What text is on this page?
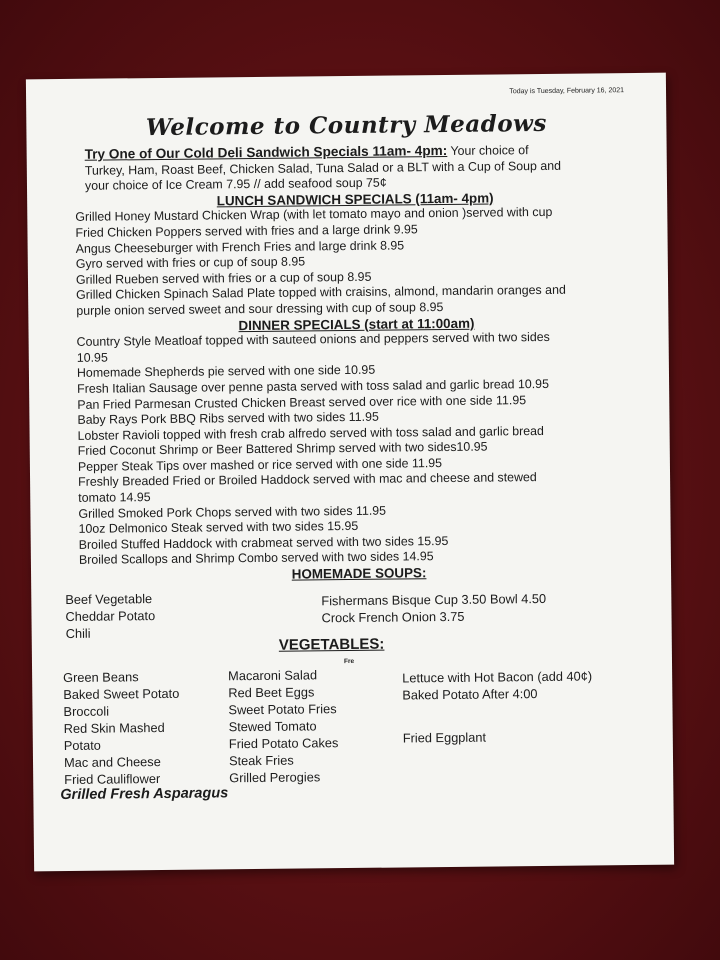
Today is Tuesday, February 16, 2021
Welcome to Country Meadows
Try One of Our Cold Deli Sandwich Specials 11am- 4pm: Your choice of
Turkey, Ham, Roast Beef, Chicken Salad, Tuna Salad or a BLT with a Cup of Soup and
your choice of Ice Cream 7.95 // add seafood soup 75¢
LUNCH SANDWICH SPECIALS (11am- 4pm)
Grilled Honey Mustard Chicken Wrap (with let tomato mayo and onion )served with cup
Fried Chicken Poppers served with fries and a large drink 9.95
Angus Cheeseburger with French Fries and large drink 8.95
Gyro served with fries or cup of soup 8.95
Grilled Rueben served with fries or a cup of soup 8.95
Grilled Chicken Spinach Salad Plate topped with craisins, almond, mandarin oranges and
purple onion served sweet and sour dressing with cup of soup 8.95
DINNER SPECIALS (start at 11:00am)
Country Style Meatloaf topped with sauteed onions and peppers served with two sides
10.95
Homemade Shepherds pie served with one side 10.95
Fresh Italian Sausage over penne pasta served with toss salad and garlic bread 10.95
Pan Fried Parmesan Crusted Chicken Breast served over rice with one side 11.95
Baby Rays Pork BBQ Ribs served with two sides 11.95
Lobster Ravioli topped with fresh crab alfredo served with toss salad and garlic bread
Fried Coconut Shrimp or Beer Battered Shrimp served with two sides10.95
Pepper Steak Tips over mashed or rice served with one side 11.95
Freshly Breaded Fried or Broiled Haddock served with mac and cheese and stewed
tomato 14.95
Grilled Smoked Pork Chops served with two sides 11.95
10oz Delmonico Steak served with two sides 15.95
Broiled Stuffed Haddock with crabmeat served with two sides 15.95
Broiled Scallops and Shrimp Combo served with two sides 14.95
HOMEMADE SOUPS:
Beef Vegetable
Cheddar Potato
Chili
Fishermans Bisque Cup 3.50 Bowl 4.50
Crock French Onion 3.75
VEGETABLES:
Fre
Green Beans
Baked Sweet Potato
Broccoli
Red Skin Mashed
Potato
Mac and Cheese
Fried Cauliflower
Macaroni Salad
Red Beet Eggs
Sweet Potato Fries
Stewed Tomato
Fried Potato Cakes
Steak Fries
Grilled Perogies
Lettuce with Hot Bacon (add 40¢)
Baked Potato After 4:00
Fried Eggplant
Grilled Fresh Asparagus
